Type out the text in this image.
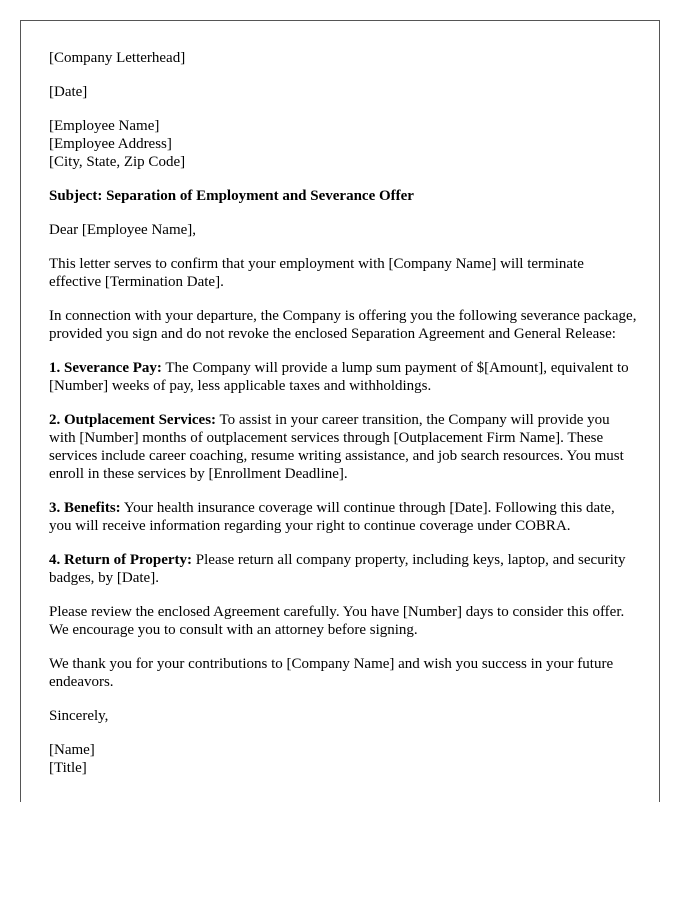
[Company Letterhead]

[Date]

[Employee Name]
[Employee Address]
[City, State, Zip Code]

Subject: Separation of Employment and Severance Offer

Dear [Employee Name],

This letter serves to confirm that your employment with [Company Name] will terminate effective [Termination Date].

In connection with your departure, the Company is offering you the following severance package, provided you sign and do not revoke the enclosed Separation Agreement and General Release:

1. Severance Pay: The Company will provide a lump sum payment of $[Amount], equivalent to [Number] weeks of pay, less applicable taxes and withholdings.

2. Outplacement Services: To assist in your career transition, the Company will provide you with [Number] months of outplacement services through [Outplacement Firm Name]. These services include career coaching, resume writing assistance, and job search resources. You must enroll in these services by [Enrollment Deadline].

3. Benefits: Your health insurance coverage will continue through [Date]. Following this date, you will receive information regarding your right to continue coverage under COBRA.

4. Return of Property: Please return all company property, including keys, laptop, and security badges, by [Date].

Please review the enclosed Agreement carefully. You have [Number] days to consider this offer. We encourage you to consult with an attorney before signing.

We thank you for your contributions to [Company Name] and wish you success in your future endeavors.

Sincerely,

[Name]
[Title]
